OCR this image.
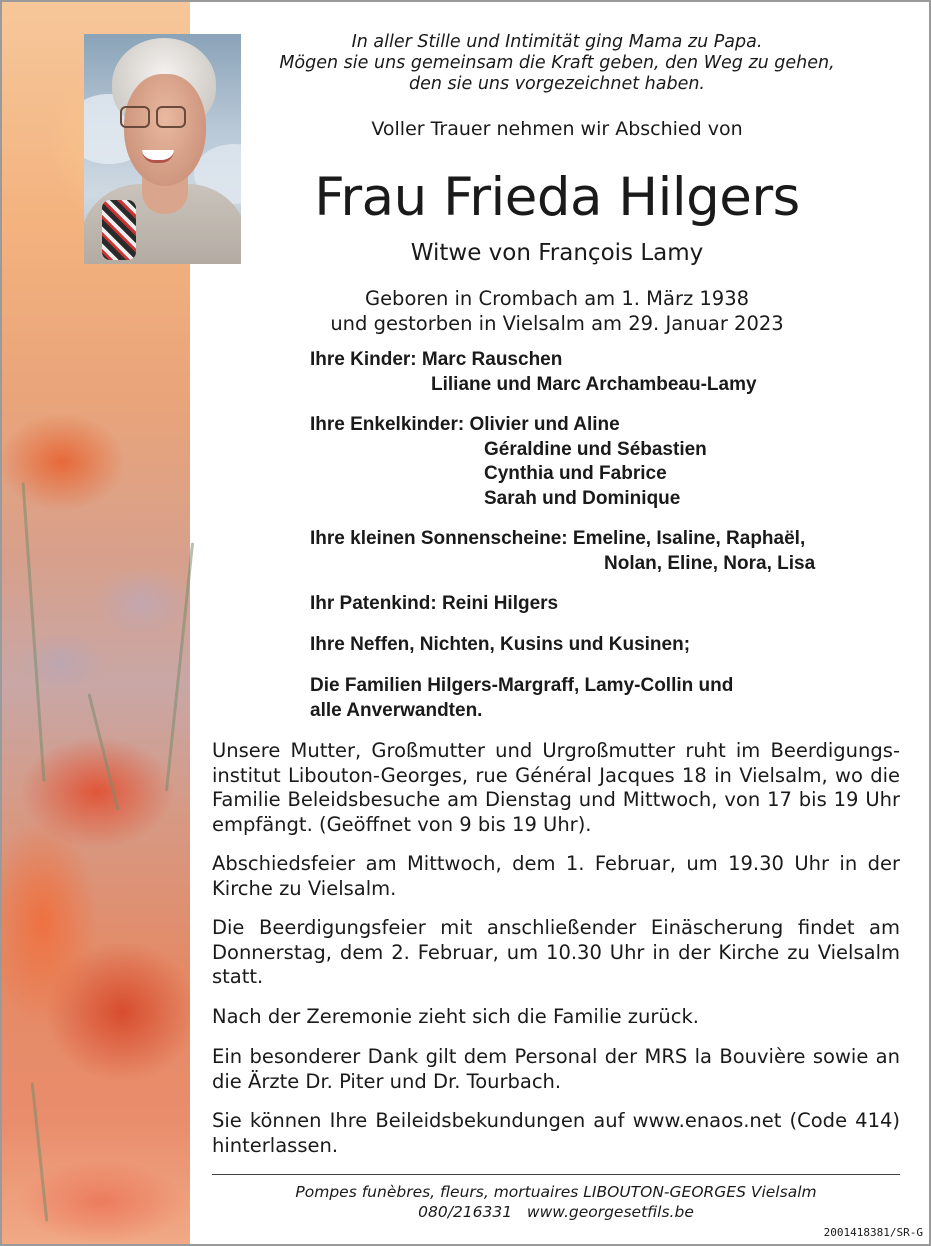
In aller Stille und Intimität ging Mama zu Papa.
Mögen sie uns gemeinsam die Kraft geben, den Weg zu gehen,
den sie uns vorgezeichnet haben.
Voller Trauer nehmen wir Abschied von
Frau Frieda Hilgers
Witwe von François Lamy
Geboren in Crombach am 1. März 1938
und gestorben in Vielsalm am 29. Januar 2023
Ihre Kinder: Marc Rauschen
Liliane und Marc Archambeau-Lamy
Ihre Enkelkinder: Olivier und Aline
Géraldine und Sébastien
Cynthia und Fabrice
Sarah und Dominique
Ihre kleinen Sonnenscheine: Emeline, Isaline, Raphaël,
Nolan, Eline, Nora, Lisa
Ihr Patenkind: Reini Hilgers
Ihre Neffen, Nichten, Kusins und Kusinen;
Die Familien Hilgers-Margraff, Lamy-Collin und
alle Anverwandten.
Unsere Mutter, Großmutter und Urgroßmutter ruht im Beerdigungsinstitut Libouton-Georges, rue Général Jacques 18 in Vielsalm, wo die Familie Beleidsbesuche am Dienstag und Mittwoch, von 17 bis 19 Uhr empfängt. (Geöffnet von 9 bis 19 Uhr).
Abschiedsfeier am Mittwoch, dem 1. Februar, um 19.30 Uhr in der Kirche zu Vielsalm.
Die Beerdigungsfeier mit anschließender Einäscherung findet am Donnerstag, dem 2. Februar, um 10.30 Uhr in der Kirche zu Vielsalm statt.
Nach der Zeremonie zieht sich die Familie zurück.
Ein besonderer Dank gilt dem Personal der MRS la Bouvière sowie an die Ärzte Dr. Piter und Dr. Tourbach.
Sie können Ihre Beileidsbekundungen auf www.enaos.net (Code 414) hinterlassen.
Pompes funèbres, fleurs, mortuaires LIBOUTON-GEORGES Vielsalm
080/216331   www.georgesetfils.be
2001418381/SR-G
